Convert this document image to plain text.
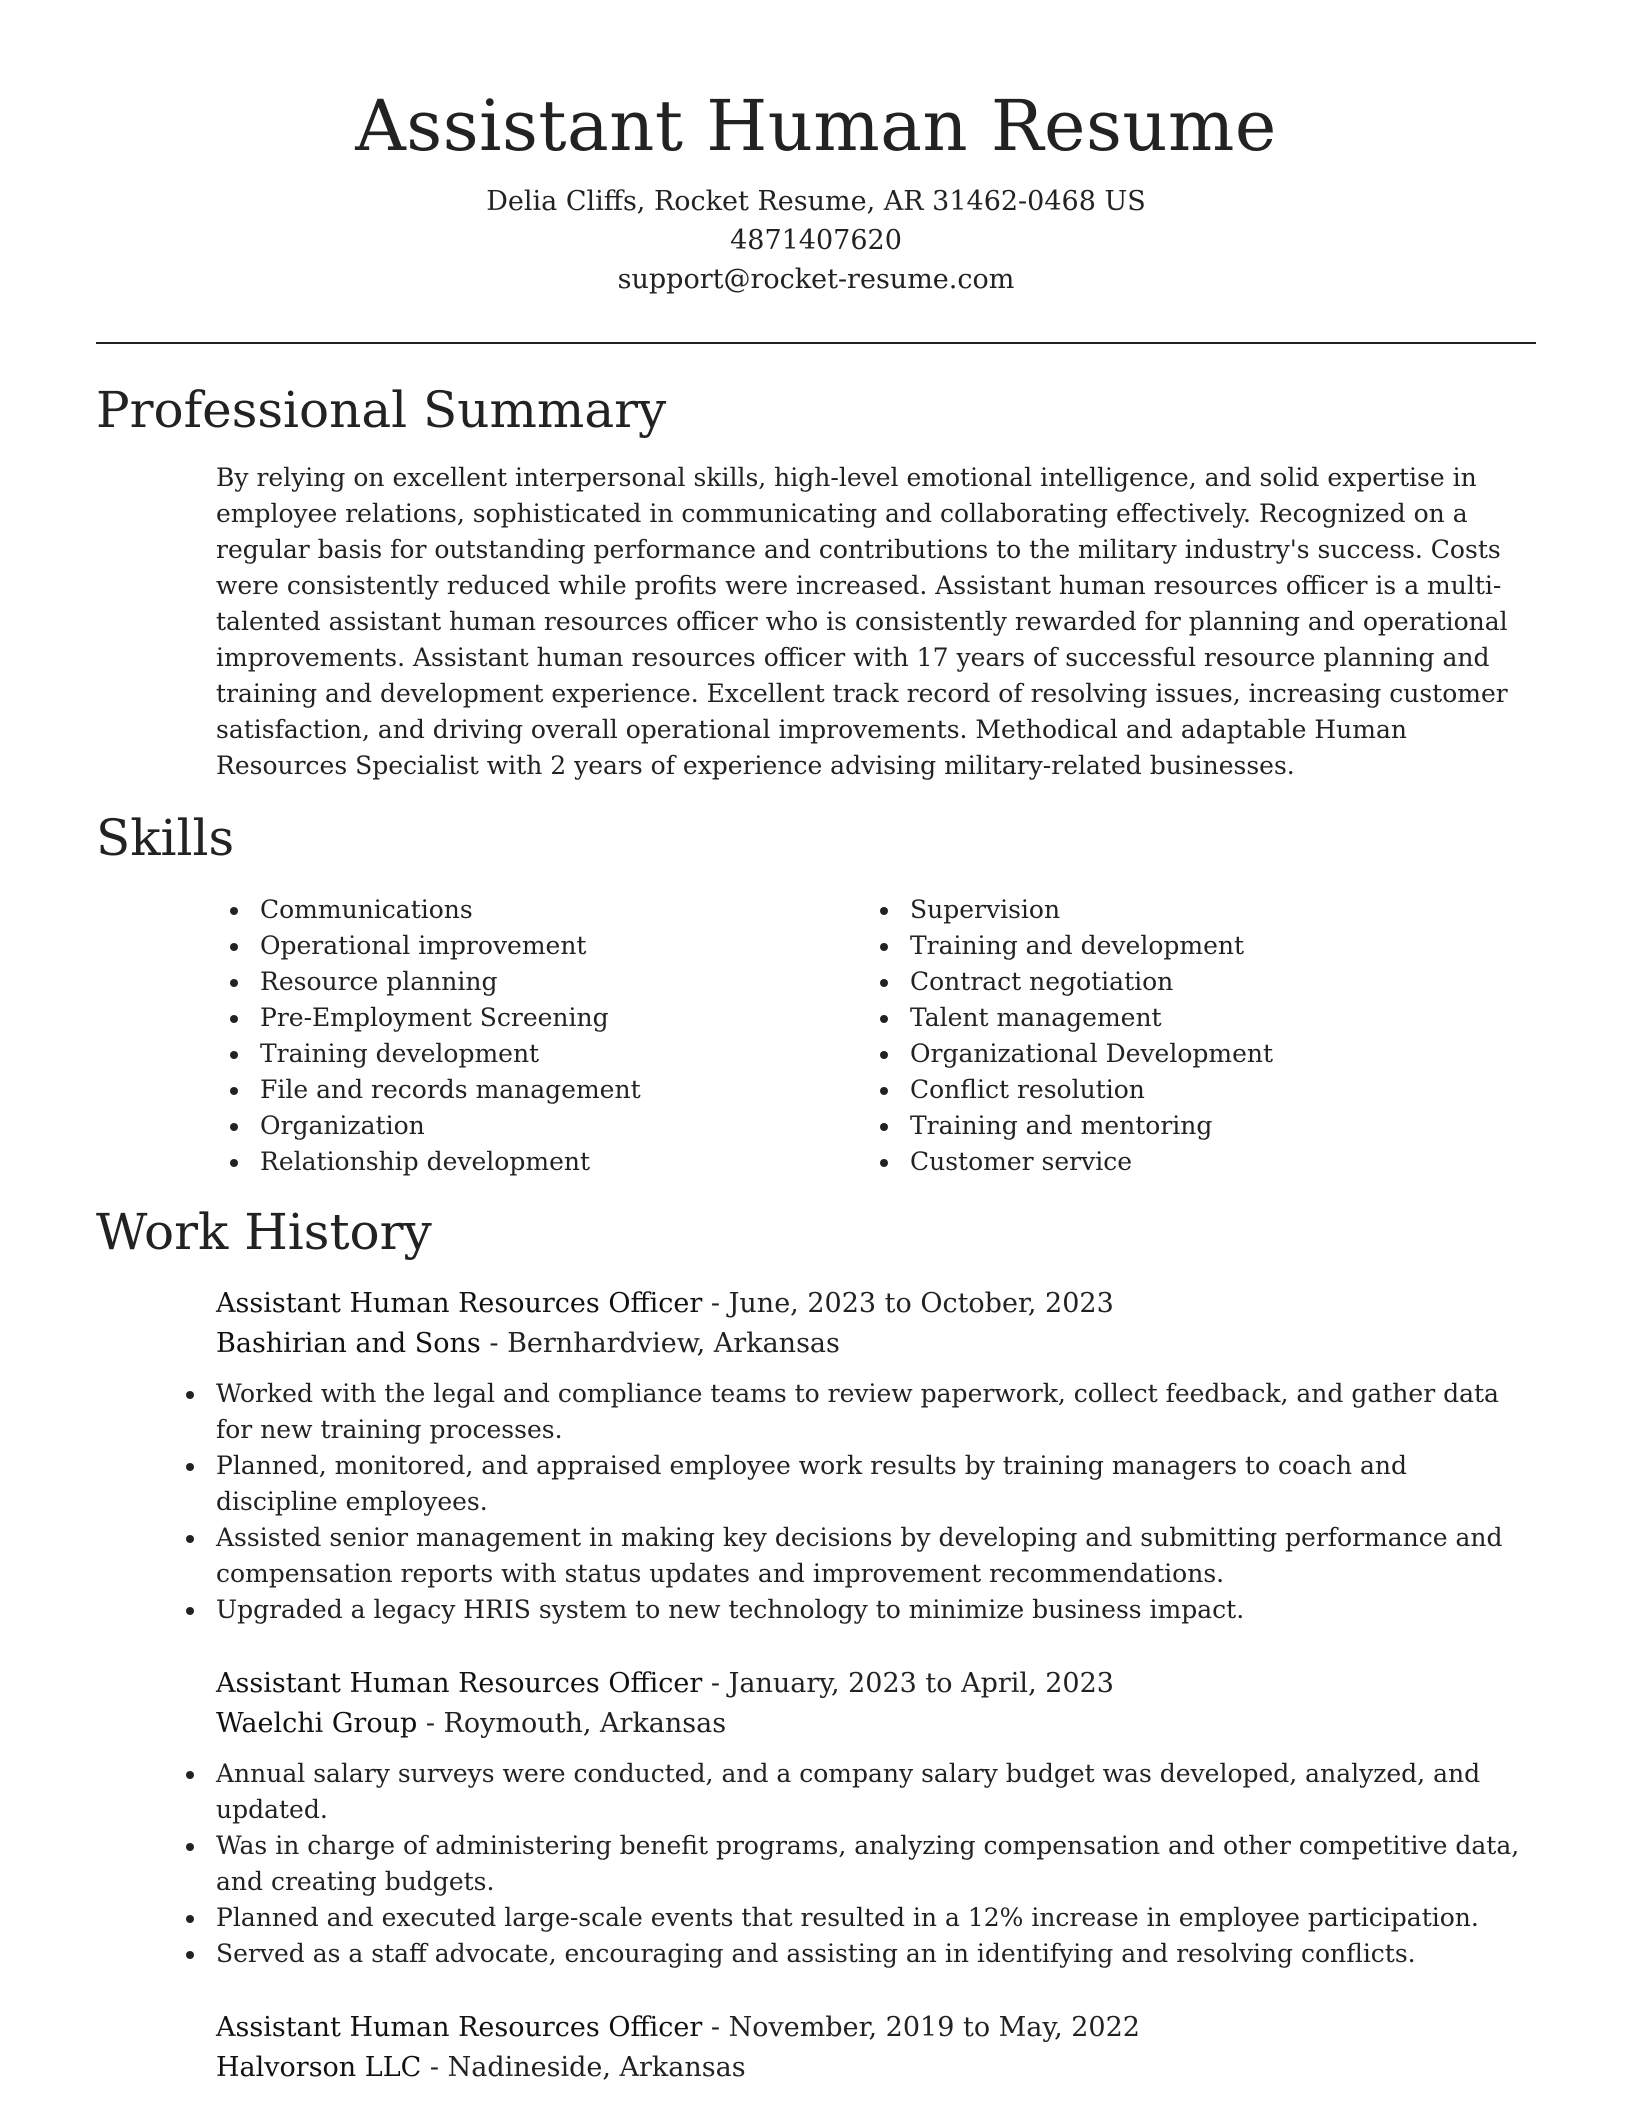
Assistant Human Resume
Delia Cliffs, Rocket Resume, AR 31462-0468 US
4871407620
support@rocket-resume.com
Professional Summary

By relying on excellent interpersonal skills, high-level emotional intelligence, and solid expertise in employee relations, sophisticated in communicating and collaborating effectively. Recognized on a regular basis for outstanding performance and contributions to the military industry's success. Costs were consistently reduced while profits were increased. Assistant human resources officer is a multi-talented assistant human resources officer who is consistently rewarded for planning and operational improvements. Assistant human resources officer with 17 years of successful resource planning and training and development experience. Excellent track record of resolving issues, increasing customer satisfaction, and driving overall operational improvements. Methodical and adaptable Human Resources Specialist with 2 years of experience advising military-related businesses.

Skills
Communications
Operational improvement
Resource planning
Pre-Employment Screening
Training development
File and records management
Organization
Relationship development
Supervision
Training and development
Contract negotiation
Talent management
Organizational Development
Conflict resolution
Training and mentoring
Customer service
Work History
Assistant Human Resources Officer - June, 2023 to October, 2023
Bashirian and Sons - Bernhardview, Arkansas
Worked with the legal and compliance teams to review paperwork, collect feedback, and gather data for new training processes.
Planned, monitored, and appraised employee work results by training managers to coach and discipline employees.
Assisted senior management in making key decisions by developing and submitting performance and compensation reports with status updates and improvement recommendations.
Upgraded a legacy HRIS system to new technology to minimize business impact.
Assistant Human Resources Officer - January, 2023 to April, 2023
Waelchi Group - Roymouth, Arkansas
Annual salary surveys were conducted, and a company salary budget was developed, analyzed, and updated.
Was in charge of administering benefit programs, analyzing compensation and other competitive data, and creating budgets.
Planned and executed large-scale events that resulted in a 12% increase in employee participation.
Served as a staff advocate, encouraging and assisting an in identifying and resolving conflicts.
Assistant Human Resources Officer - November, 2019 to May, 2022
Halvorson LLC - Nadineside, Arkansas
